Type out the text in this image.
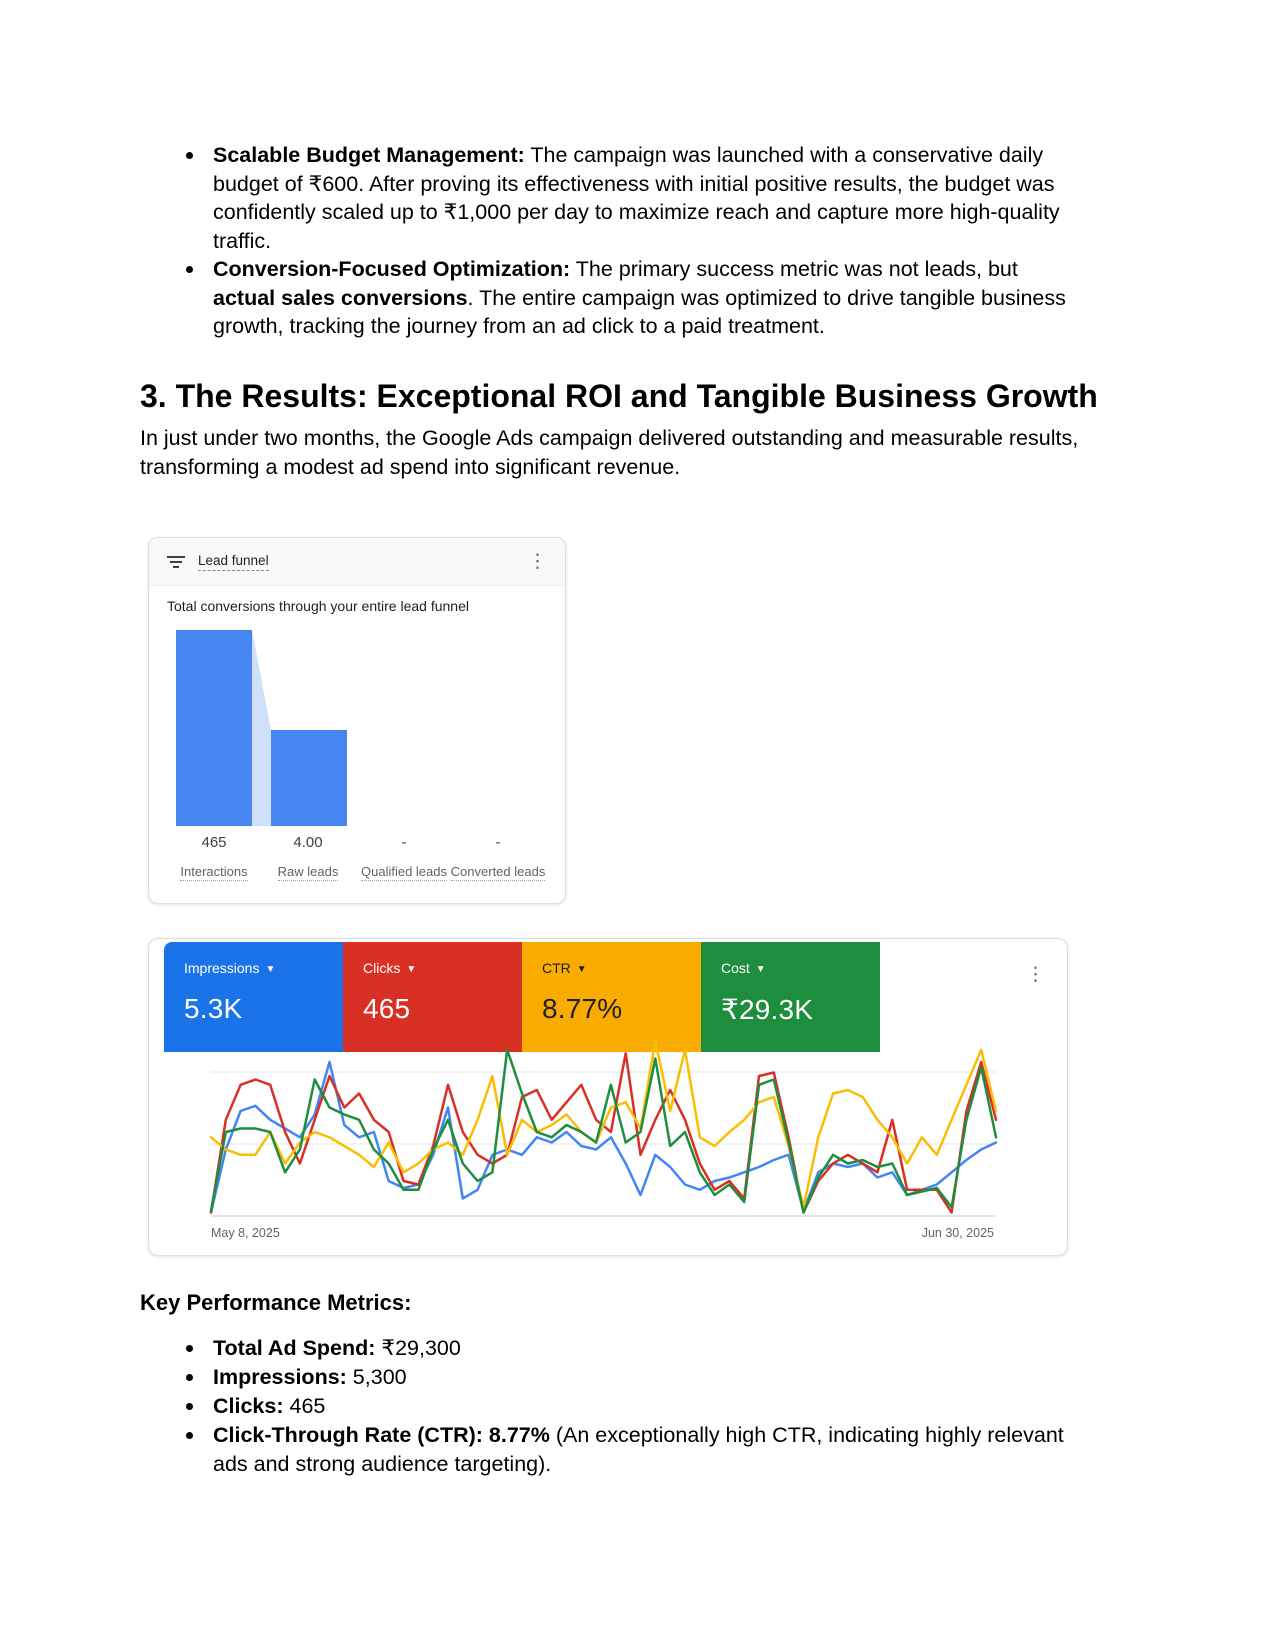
Scalable Budget Management: The campaign was launched with a conservative daily budget of ₹600. After proving its effectiveness with initial positive results, the budget was confidently scaled up to ₹1,000 per day to maximize reach and capture more high-quality traffic.
Conversion-Focused Optimization: The primary success metric was not leads, but actual sales conversions. The entire campaign was optimized to drive tangible business growth, tracking the journey from an ad click to a paid treatment.
3. The Results: Exceptional ROI and Tangible Business Growth

In just under two months, the Google Ads campaign delivered outstanding and measurable results, transforming a modest ad spend into significant revenue.

Lead funnel	⋮
Total conversions through your entire lead funnel
465	4.00	-	-
Interactions	Raw leads	Qualified leads Converted leads
Impressions ▼
5.3K
Clicks ▼
465
CTR ▼
8.77%
Cost ▼
₹29.3K
⋮
May 8, 2025	Jun 30, 2025
Key Performance Metrics:
Total Ad Spend: ₹29,300
Impressions: 5,300
Clicks: 465
Click-Through Rate (CTR): 8.77% (An exceptionally high CTR, indicating highly relevant ads and strong audience targeting).
